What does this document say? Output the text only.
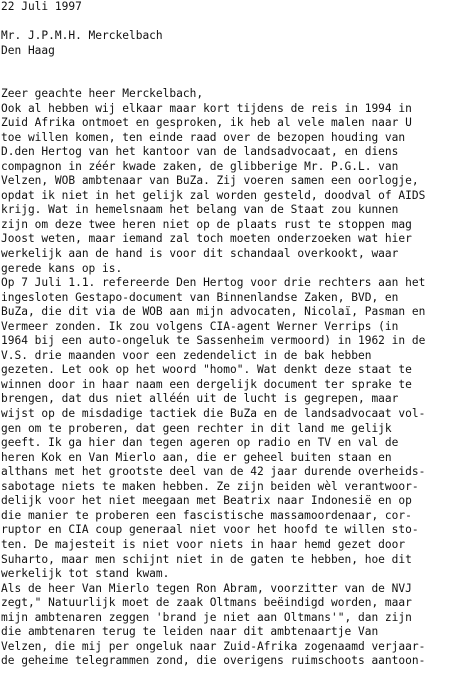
22 Juli 1997
Mr. J.P.M.H. Merckelbach
Den Haag
Zeer geachte heer Merckelbach,
Ook al hebben wij elkaar maar kort tijdens de reis in 1994 in
Zuid Afrika ontmoet en gesproken, ik heb al vele malen naar U
toe willen komen, ten einde raad over de bezopen houding van
D.den Hertog van het kantoor van de landsadvocaat, en diens
compagnon in zéér kwade zaken, de glibberige Mr. P.G.L. van
Velzen, WOB ambtenaar van BuZa. Zij voeren samen een oorlogje,
opdat ik niet in het gelijk zal worden gesteld, doodval of AIDS
krijg. Wat in hemelsnaam het belang van de Staat zou kunnen
zijn om deze twee heren niet op de plaats rust te stoppen mag
Joost weten, maar iemand zal toch moeten onderzoeken wat hier
werkelijk aan de hand is voor dit schandaal overkookt, waar
gerede kans op is.
Op 7 Juli 1.1. refereerde Den Hertog voor drie rechters aan het
ingesloten Gestapo-document van Binnenlandse Zaken, BVD, en
BuZa, die dit via de WOB aan mijn advocaten, Nicolaï, Pasman en
Vermeer zonden. Ik zou volgens CIA-agent Werner Verrips (in
1964 bij een auto-ongeluk te Sassenheim vermoord) in 1962 in de
V.S. drie maanden voor een zedendelict in de bak hebben
gezeten. Let ook op het woord "homo". Wat denkt deze staat te
winnen door in haar naam een dergelijk document ter sprake te
brengen, dat dus niet alléén uit de lucht is gegrepen, maar
wijst op de misdadige tactiek die BuZa en de landsadvocaat vol-
gen om te proberen, dat geen rechter in dit land me gelijk
geeft. Ik ga hier dan tegen ageren op radio en TV en val de
heren Kok en Van Mierlo aan, die er geheel buiten staan en
althans met het grootste deel van de 42 jaar durende overheids-
sabotage niets te maken hebben. Ze zijn beiden wèl verantwoor-
delijk voor het niet meegaan met Beatrix naar Indonesië en op
die manier te proberen een fascistische massamoordenaar, cor-
ruptor en CIA coup generaal niet voor het hoofd te willen sto-
ten. De majesteit is niet voor niets in haar hemd gezet door
Suharto, maar men schijnt niet in de gaten te hebben, hoe dit
werkelijk tot stand kwam.
Als de heer Van Mierlo tegen Ron Abram, voorzitter van de NVJ
zegt," Natuurlijk moet de zaak Oltmans beëindigd worden, maar
mijn ambtenaren zeggen 'brand je niet aan Oltmans'", dan zijn
die ambtenaren terug te leiden naar dit ambtenaartje Van
Velzen, die mij per ongeluk naar Zuid-Afrika zogenaamd verjaar-
de geheime telegrammen zond, die overigens ruimschoots aantoon-
